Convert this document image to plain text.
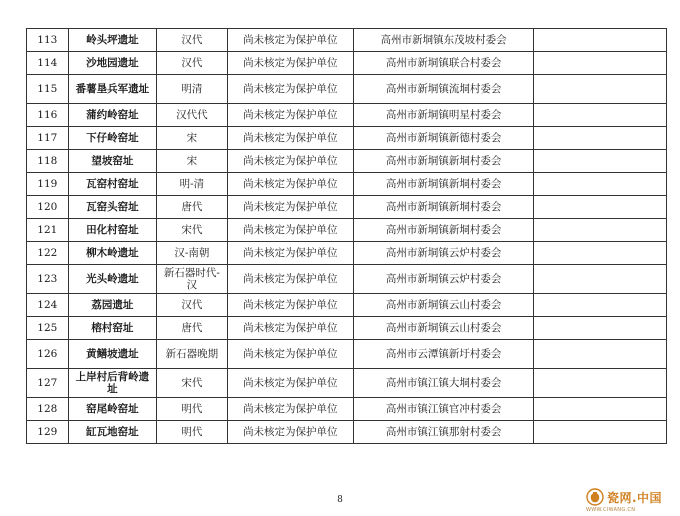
113	岭头坪遗址	汉代	尚未核定为保护单位	高州市新垌镇东茂坡村委会	
114	沙地园遗址	汉代	尚未核定为保护单位	高州市新垌镇联合村委会	
115	番薯垦兵军遗址	明清	尚未核定为保护单位	高州市新垌镇流垌村委会	
116	蒲约岭窑址	汉代代	尚未核定为保护单位	高州市新垌镇明星村委会	
117	下仔岭窑址	宋	尚未核定为保护单位	高州市新垌镇新德村委会	
118	望坡窑址	宋	尚未核定为保护单位	高州市新垌镇新垌村委会	
119	瓦窑村窑址	明-清	尚未核定为保护单位	高州市新垌镇新垌村委会	
120	瓦窑头窑址	唐代	尚未核定为保护单位	高州市新垌镇新垌村委会	
121	田化村窑址	宋代	尚未核定为保护单位	高州市新垌镇新垌村委会	
122	柳木岭遗址	汉-南朝	尚未核定为保护单位	高州市新垌镇云炉村委会	
123	光头岭遗址	新石器时代-汉	尚未核定为保护单位	高州市新垌镇云炉村委会	
124	荔园遗址	汉代	尚未核定为保护单位	高州市新垌镇云山村委会	
125	榕村窑址	唐代	尚未核定为保护单位	高州市新垌镇云山村委会	
126	黄鳝坡遗址	新石器晚期	尚未核定为保护单位	高州市云潭镇新圩村委会	
127	上岸村后背岭遗址	宋代	尚未核定为保护单位	高州市镇江镇大垌村委会	
128	窑尾岭窑址	明代	尚未核定为保护单位	高州市镇江镇官冲村委会	
129	缸瓦地窑址	明代	尚未核定为保护单位	高州市镇江镇那射村委会	
8	瓷网.中国
WWW.CIWANG.CN
